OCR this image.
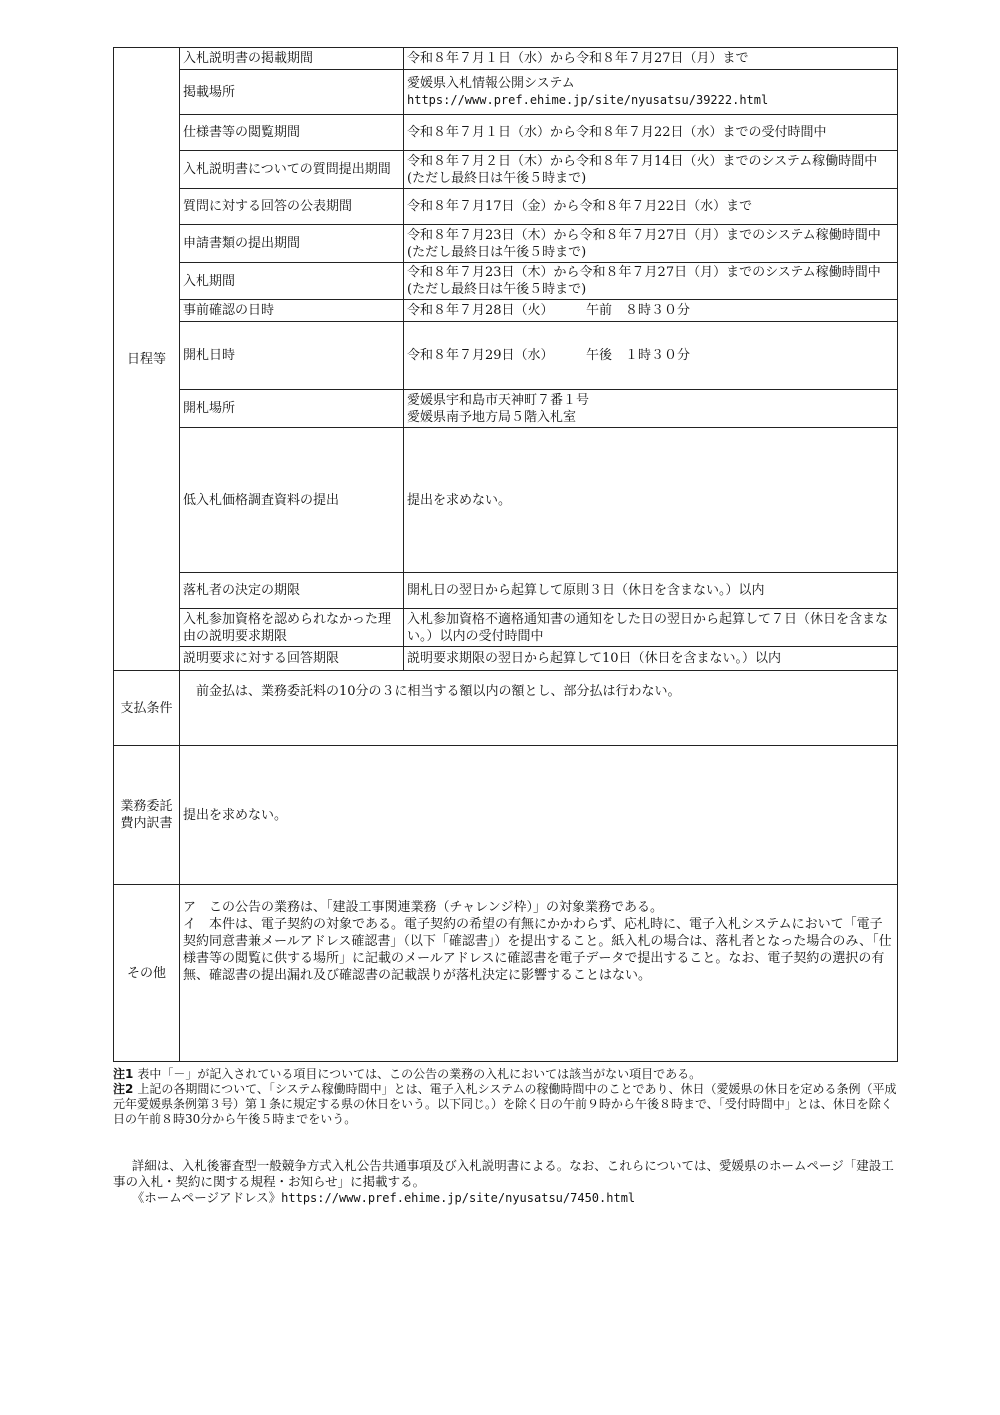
日程等	入札説明書の掲載期間	令和８年７月１日（水）から令和８年７月27日（月）まで
	掲載場所	愛媛県入札情報公開システム
https://www.pref.ehime.jp/site/nyusatsu/39222.html

	仕様書等の閲覧期間	令和８年７月１日（水）から令和８年７月22日（水）までの受付時間中
	入札説明書についての質問提出期間	令和８年７月２日（木）から令和８年７月14日（火）までのシステム稼働時間中(ただし最終日は午後５時まで)
	質問に対する回答の公表期間	令和８年７月17日（金）から令和８年７月22日（水）まで
	申請書類の提出期間	令和８年７月23日（木）から令和８年７月27日（月）までのシステム稼働時間中(ただし最終日は午後５時まで)
	入札期間	令和８年７月23日（木）から令和８年７月27日（月）までのシステム稼働時間中(ただし最終日は午後５時まで)
	事前確認の日時	令和８年７月28日（火）　　　午前　８時３０分
	開札日時	令和８年７月29日（水）　　　午後　１時３０分
	開札場所	愛媛県宇和島市天神町７番１号
愛媛県南予地方局５階入札室
	低入札価格調査資料の提出	提出を求めない。
	落札者の決定の期限	開札日の翌日から起算して原則３日（休日を含まない。）以内
	入札参加資格を認められなかった理由の説明要求期限	入札参加資格不適格通知書の通知をした日の翌日から起算して７日（休日を含まない。）以内の受付時間中
	説明要求に対する回答期限	説明要求期限の翌日から起算して10日（休日を含まない。）以内
支払条件	前金払は、業務委託料の10分の３に相当する額以内の額とし、部分払は行わない。	
業務委託費内訳書	提出を求めない。	
その他	ア　この公告の業務は、「建設工事関連業務（チャレンジ枠）」の対象業務である。
イ　本件は、電子契約の対象である。電子契約の希望の有無にかかわらず、応札時に、電子入札システムにおいて「電子契約同意書兼メールアドレス確認書」（以下「確認書」）を提出すること。紙入札の場合は、落札者となった場合のみ、「仕様書等の閲覧に供する場所」に記載のメールアドレスに確認書を電子データで提出すること。なお、電子契約の選択の有無、確認書の提出漏れ及び確認書の記載誤りが落札決定に影響することはない。	

注1 表中「－」が記入されている項目については、この公告の業務の入札においては該当がない項目である。

注2 上記の各期間について、「システム稼働時間中」とは、電子入札システムの稼働時間中のことであり、休日（愛媛県の休日を定める条例（平成元年愛媛県条例第３号）第１条に規定する県の休日をいう。以下同じ。）を除く日の午前９時から午後８時まで、「受付時間中」とは、休日を除く日の午前８時30分から午後５時までをいう。

詳細は、入札後審査型一般競争方式入札公告共通事項及び入札説明書による。なお、これらについては、愛媛県のホームページ「建設工事の入札・契約に関する規程・お知らせ」に掲載する。

《ホームページアドレス》https://www.pref.ehime.jp/site/nyusatsu/7450.html
